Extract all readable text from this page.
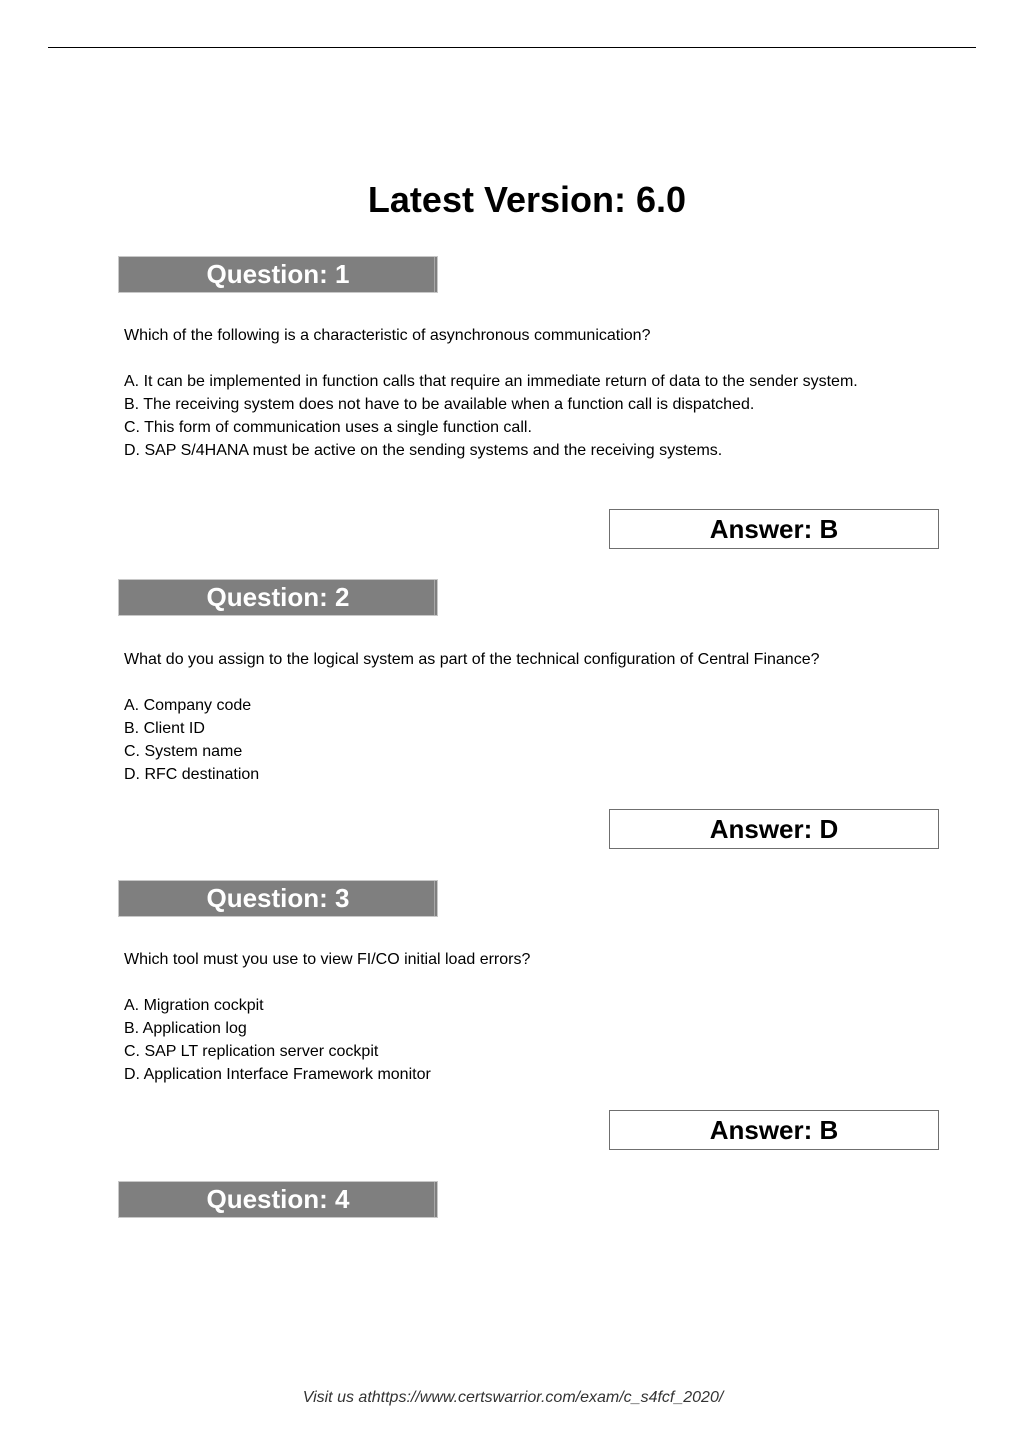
Latest Version: 6.0
Question: 1

Which of the following is a characteristic of asynchronous communication?

A. It can be implemented in function calls that require an immediate return of data to the sender system.

B. The receiving system does not have to be available when a function call is dispatched.

C. This form of communication uses a single function call.

D. SAP S/4HANA must be active on the sending systems and the receiving systems.

Answer: B
Question: 2

What do you assign to the logical system as part of the technical configuration of Central Finance?

A. Company code

B. Client ID

C. System name

D. RFC destination

Answer: D
Question: 3

Which tool must you use to view FI/CO initial load errors?

A. Migration cockpit

B. Application log

C. SAP LT replication server cockpit

D. Application Interface Framework monitor

Answer: B
Question: 4
Visit us athttps://www.certswarrior.com/exam/c_s4fcf_2020/
